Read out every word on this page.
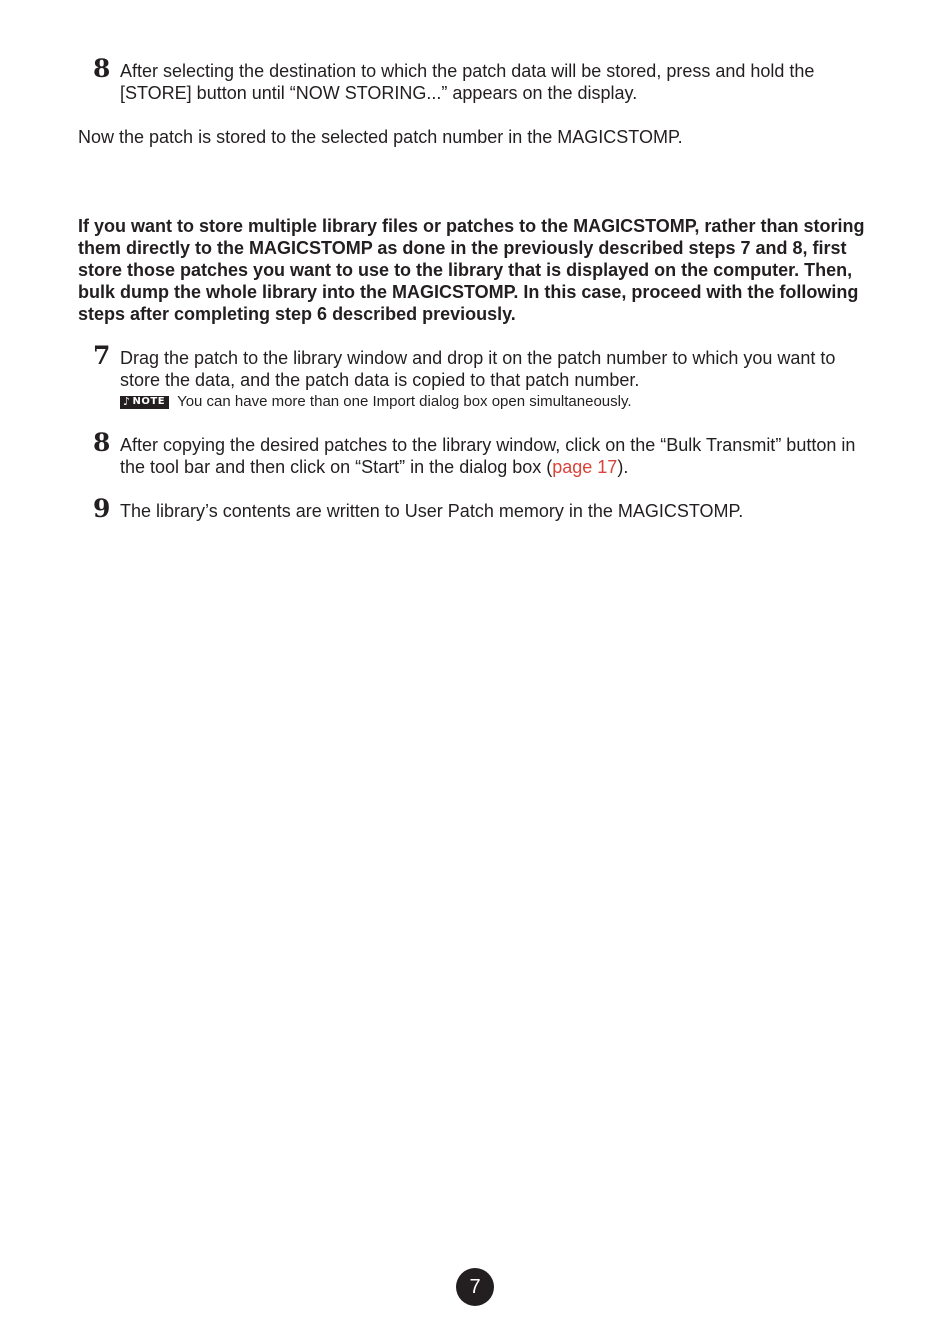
8 After selecting the destination to which the patch data will be stored, press and hold the [STORE] button until “NOW STORING...” appears on the display.
Now the patch is stored to the selected patch number in the MAGICSTOMP.
If you want to store multiple library files or patches to the MAGICSTOMP, rather than storing them directly to the MAGICSTOMP as done in the previously described steps 7 and 8, first store those patches you want to use to the library that is displayed on the computer. Then, bulk dump the whole library into the MAGICSTOMP. In this case, proceed with the following steps after completing step 6 described previously.
7 Drag the patch to the library window and drop it on the patch number to which you want to store the data, and the patch data is copied to that patch number.
♪ NOTE You can have more than one Import dialog box open simultaneously.
8 After copying the desired patches to the library window, click on the “Bulk Transmit” button in the tool bar and then click on “Start” in the dialog box (page 17).
9 The library’s contents are written to User Patch memory in the MAGICSTOMP.
7
